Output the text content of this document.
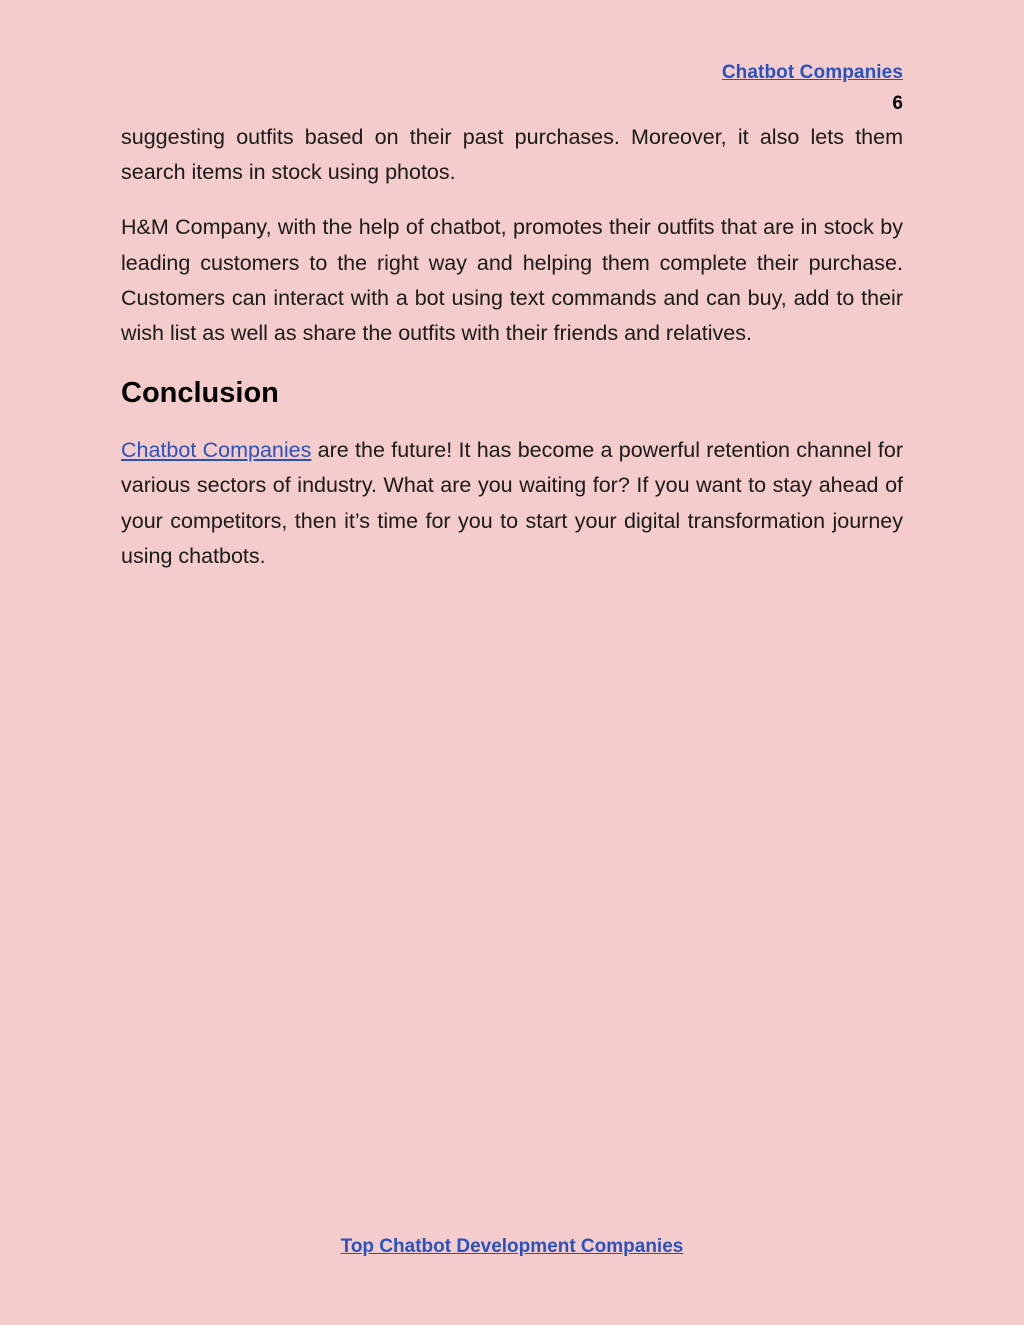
Chatbot Companies
6

suggesting outfits based on their past purchases. Moreover, it also lets them search items in stock using photos.

H&M Company, with the help of chatbot, promotes their outfits that are in stock by leading customers to the right way and helping them complete their purchase. Customers can interact with a bot using text commands and can buy, add to their wish list as well as share the outfits with their friends and relatives.

Conclusion

Chatbot Companies are the future! It has become a powerful retention channel for various sectors of industry. What are you waiting for? If you want to stay ahead of your competitors, then it’s time for you to start your digital transformation journey using chatbots.

Top Chatbot Development Companies
